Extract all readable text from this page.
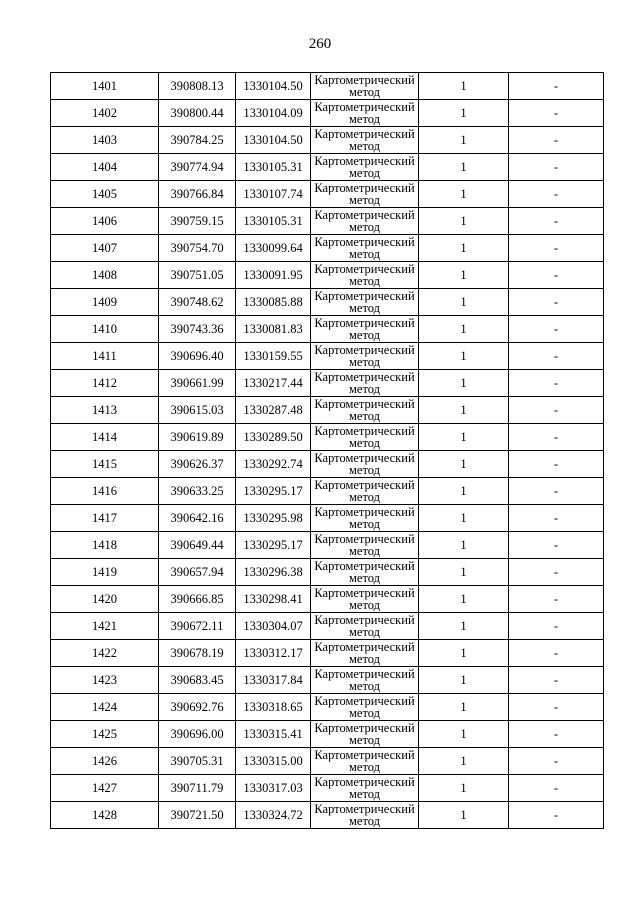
260
1401	390808.13	1330104.50	Картометрический
метод	1	-
1402	390800.44	1330104.09	Картометрический
метод	1	-
1403	390784.25	1330104.50	Картометрический
метод	1	-
1404	390774.94	1330105.31	Картометрический
метод	1	-
1405	390766.84	1330107.74	Картометрический
метод	1	-
1406	390759.15	1330105.31	Картометрический
метод	1	-
1407	390754.70	1330099.64	Картометрический
метод	1	-
1408	390751.05	1330091.95	Картометрический
метод	1	-
1409	390748.62	1330085.88	Картометрический
метод	1	-
1410	390743.36	1330081.83	Картометрический
метод	1	-
1411	390696.40	1330159.55	Картометрический
метод	1	-
1412	390661.99	1330217.44	Картометрический
метод	1	-
1413	390615.03	1330287.48	Картометрический
метод	1	-
1414	390619.89	1330289.50	Картометрический
метод	1	-
1415	390626.37	1330292.74	Картометрический
метод	1	-
1416	390633.25	1330295.17	Картометрический
метод	1	-
1417	390642.16	1330295.98	Картометрический
метод	1	-
1418	390649.44	1330295.17	Картометрический
метод	1	-
1419	390657.94	1330296.38	Картометрический
метод	1	-
1420	390666.85	1330298.41	Картометрический
метод	1	-
1421	390672.11	1330304.07	Картометрический
метод	1	-
1422	390678.19	1330312.17	Картометрический
метод	1	-
1423	390683.45	1330317.84	Картометрический
метод	1	-
1424	390692.76	1330318.65	Картометрический
метод	1	-
1425	390696.00	1330315.41	Картометрический
метод	1	-
1426	390705.31	1330315.00	Картометрический
метод	1	-
1427	390711.79	1330317.03	Картометрический
метод	1	-
1428	390721.50	1330324.72	Картометрический
метод	1	-
